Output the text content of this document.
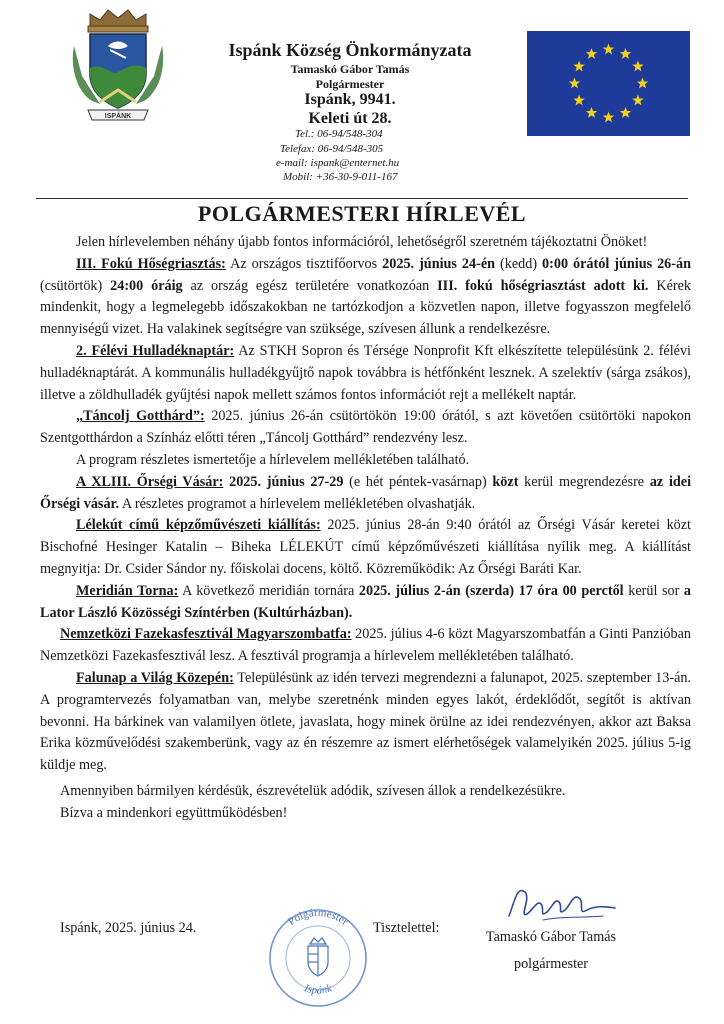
ISPÁNK

Ispánk Község Önkormányzata

Tamaskó Gábor Tamás

Polgármester

Ispánk, 9941.

Keleti út 28.

Tel.: 06-94/548-304

Telefax: 06-94/548-305

e-mail: ispank@enternet.hu

Mobil: +36-30-9-011-167

POLGÁRMESTERI HÍRLEVÉL

Jelen hírlevelemben néhány újabb fontos információról, lehetőségről szeretném tájékoztatni Önöket!

III. Fokú Hőségriasztás: Az országos tisztifőorvos 2025. június 24-én (kedd) 0:00 órától június 26-án (csütörtök) 24:00 óráig az ország egész területére vonatkozóan III. fokú hőségriasztást adott ki. Kérek mindenkit, hogy a legmelegebb időszakokban ne tartózkodjon a közvetlen napon, illetve fogyasszon megfelelő mennyiségű vizet. Ha valakinek segítségre van szüksége, szívesen állunk a rendelkezésre.

2. Félévi Hulladéknaptár: Az STKH Sopron és Térsége Nonprofit Kft elkészítette településünk 2. félévi hulladéknaptárát. A kommunális hulladékgyűjtő napok továbbra is hétfőnként lesznek. A szelektív (sárga zsákos), illetve a zöldhulladék gyűjtési napok mellett számos fontos információt rejt a mellékelt naptár.

„Táncolj Gotthárd”: 2025. június 26-án csütörtökön 19:00 órától, s azt követően csütörtöki napokon Szentgotthárdon a Színház előtti téren „Táncolj Gotthárd” rendezvény lesz.

A program részletes ismertetője a hírlevelem mellékletében található.

A XLIII. Őrségi Vásár: 2025. június 27-29 (e hét péntek-vasárnap) közt kerül megrendezésre az idei Őrségi vásár. A részletes programot a hírlevelem mellékletében olvashatják.

Lélekút című képzőművészeti kiállítás: 2025. június 28-án 9:40 órától az Őrségi Vásár keretei közt Bischofné Hesinger Katalin – Biheka LÉLEKÚT című képzőművészeti kiállítása nyílik meg. A kiállítást megnyitja: Dr. Csider Sándor ny. főiskolai docens, költő. Közreműködik: Az Őrségi Baráti Kar.

Meridián Torna: A következő meridián tornára 2025. július 2-án (szerda) 17 óra 00 perctől kerül sor a Lator László Közösségi Színtérben (Kultúrházban).

Nemzetközi Fazekasfesztivál Magyarszombatfa: 2025. július 4-6 közt Magyarszombatfán a Ginti Panzióban Nemzetközi Fazekasfesztivál lesz. A fesztivál programja a hírlevelem mellékletében található.

Falunap a Világ Közepén: Településünk az idén tervezi megrendezni a falunapot, 2025. szeptember 13-án. A programtervezés folyamatban van, melybe szeretnénk minden egyes lakót, érdeklődőt, segítőt is aktívan bevonni. Ha bárkinek van valamilyen ötlete, javaslata, hogy minek örülne az idei rendezvényen, akkor azt Baksa Erika közművelődési szakemberünk, vagy az én részemre az ismert elérhetőségek valamelyikén 2025. július 5-ig küldje meg.

Amennyiben bármilyen kérdésük, észrevételük adódik, szívesen állok a rendelkezésükre.

Bízva a mindenkori együttműködésben!

Ispánk, 2025. június 24.	Tisztelettel:

Polgármester
Ispánk

Tamaskó Gábor Tamás

polgármester
